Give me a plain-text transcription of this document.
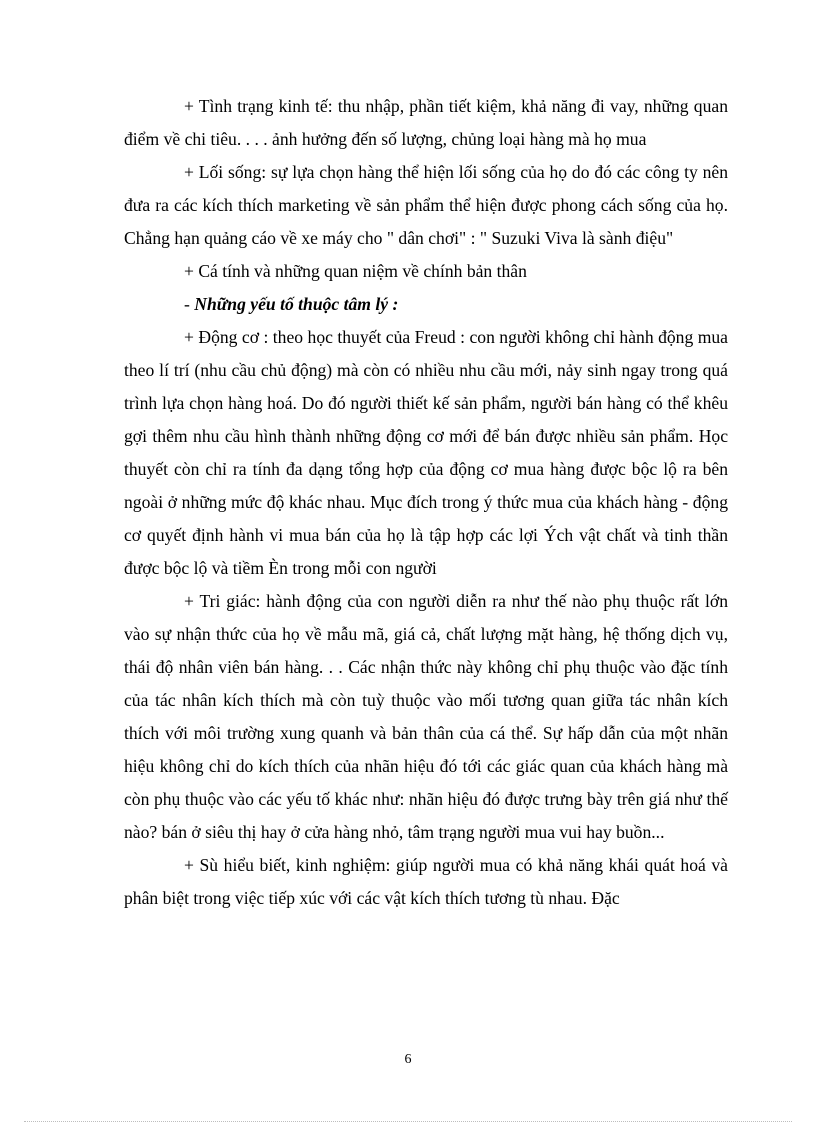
+ Tình trạng kinh tế: thu nhập, phần tiết kiệm, khả năng đi vay, những quan điểm về chi tiêu. . . . ảnh hưởng đến số lượng, chủng loại hàng mà họ mua

+ Lối sống: sự lựa chọn hàng thể hiện lối sống của họ do đó các công ty nên đưa ra các kích thích marketing về sản phẩm thể hiện được phong cách sống của họ. Chẳng hạn quảng cáo về xe máy cho " dân chơi" : " Suzuki Viva là sành điệu"

+ Cá tính và những quan niệm về chính bản thân

- Những yếu tố thuộc tâm lý :

+ Động cơ : theo học thuyết của Freud : con người không chỉ hành động mua theo lí trí (nhu cầu chủ động) mà còn có nhiều nhu cầu mới, nảy sinh ngay trong quá trình lựa chọn hàng hoá. Do đó người thiết kế sản phẩm, người bán hàng có thể khêu gợi thêm nhu cầu hình thành những động cơ mới để bán được nhiều sản phẩm. Học thuyết còn chỉ ra tính đa dạng tổng hợp của động cơ mua hàng được bộc lộ ra bên ngoài ở những mức độ khác nhau. Mục đích trong ý thức mua của khách hàng - động cơ quyết định hành vi mua bán của họ là tập hợp các lợi Ých vật chất và tinh thần được bộc lộ và tiềm Èn trong mỗi con người

+ Tri giác: hành động của con người diễn ra như thế nào phụ thuộc rất lớn vào sự nhận thức của họ về mẫu mã, giá cả, chất lượng mặt hàng, hệ thống dịch vụ, thái độ nhân viên bán hàng. . . Các nhận thức này không chỉ phụ thuộc vào đặc tính của tác nhân kích thích mà còn tuỳ thuộc vào mối tương quan giữa tác nhân kích thích với môi trường xung quanh và bản thân của cá thể. Sự hấp dẫn của một nhãn hiệu không chỉ do kích thích của nhãn hiệu đó tới các giác quan của khách hàng mà còn phụ thuộc vào các yếu tố khác như: nhãn hiệu đó được trưng bày trên giá như thế nào? bán ở siêu thị hay ở cửa hàng nhỏ, tâm trạng người mua vui hay buồn...

+ Sù hiểu biết, kinh nghiệm: giúp người mua có khả năng khái quát hoá và phân biệt trong việc tiếp xúc với các vật kích thích tương tù nhau. Đặc

6
